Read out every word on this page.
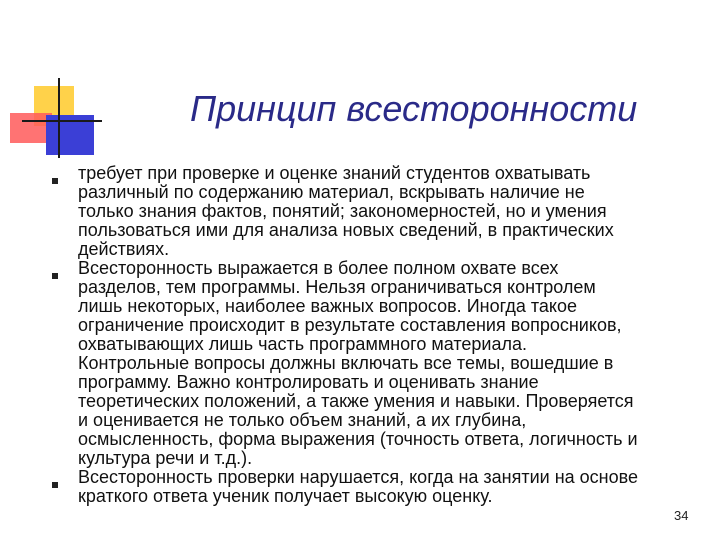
Принцип всесторонности
требует при проверке и оценке знаний студентов охватывать
различный по содержанию материал, вскрывать наличие не
только знания фактов, понятий; закономерностей, но и умения
пользоваться ими для анализа новых сведений, в практических
действиях.
Всесторонность выражается в более полном охвате всех
разделов, тем программы. Нельзя ограничиваться контролем
лишь некоторых, наиболее важных вопросов. Иногда такое
ограничение происходит в результате составления вопросников,
охватывающих лишь часть программного материала.
Контрольные вопросы должны включать все темы, вошедшие в
программу. Важно контролировать и оценивать знание
теоретических положений, а также умения и навыки. Проверяется
и оценивается не только объем знаний, а их глубина,
осмысленность, форма выражения (точность ответа, логичность и
культура речи и т.д.).
Всесторонность проверки нарушается, когда на занятии на основе
краткого ответа ученик получает высокую оценку.
34
